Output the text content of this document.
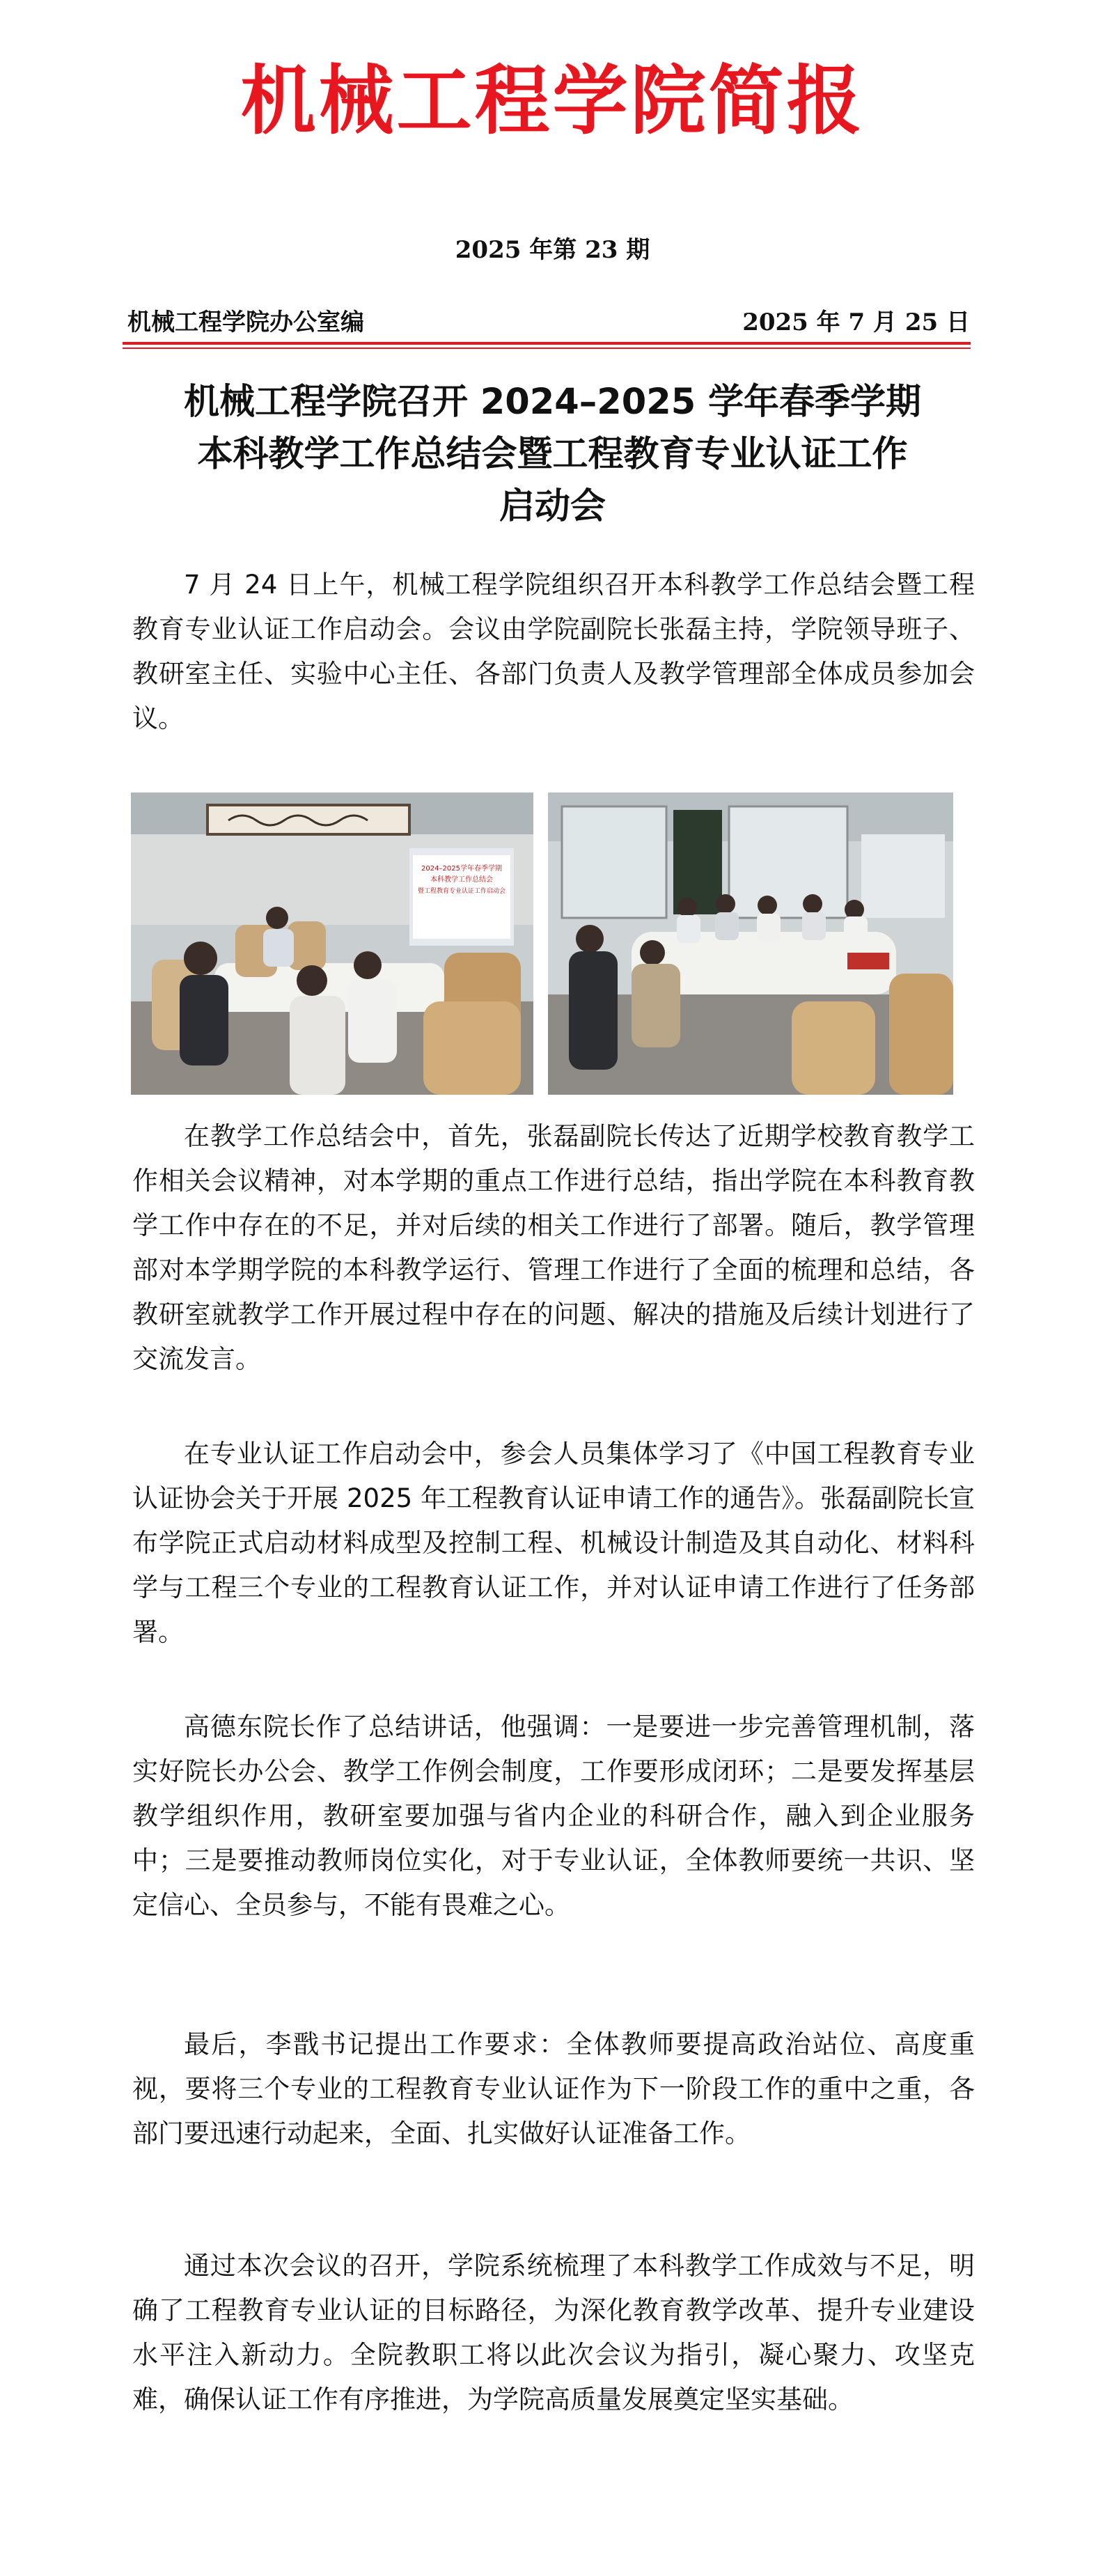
机械工程学院简报
2025 年第 23 期
机械工程学院办公室编	2025 年 7 月 25 日
机械工程学院召开 2024–2025 学年春季学期
本科教学工作总结会暨工程教育专业认证工作
启动会

7 月 24 日上午，机械工程学院组织召开本科教学工作总结会暨工程教育专业认证工作启动会。会议由学院副院长张磊主持，学院领导班子、教研室主任、实验中心主任、各部门负责人及教学管理部全体成员参加会议。

2024–2025学年春季学期
本科教学工作总结会
暨工程教育专业认证工作启动会

在教学工作总结会中，首先，张磊副院长传达了近期学校教育教学工作相关会议精神，对本学期的重点工作进行总结，指出学院在本科教育教学工作中存在的不足，并对后续的相关工作进行了部署。随后，教学管理部对本学期学院的本科教学运行、管理工作进行了全面的梳理和总结，各教研室就教学工作开展过程中存在的问题、解决的措施及后续计划进行了交流发言。

在专业认证工作启动会中，参会人员集体学习了《中国工程教育专业认证协会关于开展 2025 年工程教育认证申请工作的通告》。张磊副院长宣布学院正式启动材料成型及控制工程、机械设计制造及其自动化、材料科学与工程三个专业的工程教育认证工作，并对认证申请工作进行了任务部署。

高德东院长作了总结讲话，他强调：一是要进一步完善管理机制，落实好院长办公会、教学工作例会制度，工作要形成闭环；二是要发挥基层教学组织作用，教研室要加强与省内企业的科研合作，融入到企业服务中；三是要推动教师岗位实化，对于专业认证，全体教师要统一共识、坚定信心、全员参与，不能有畏难之心。

最后，李戬书记提出工作要求：全体教师要提高政治站位、高度重视，要将三个专业的工程教育专业认证作为下一阶段工作的重中之重，各部门要迅速行动起来，全面、扎实做好认证准备工作。

通过本次会议的召开，学院系统梳理了本科教学工作成效与不足，明确了工程教育专业认证的目标路径，为深化教育教学改革、提升专业建设水平注入新动力。全院教职工将以此次会议为指引，凝心聚力、攻坚克难，确保认证工作有序推进，为学院高质量发展奠定坚实基础。
